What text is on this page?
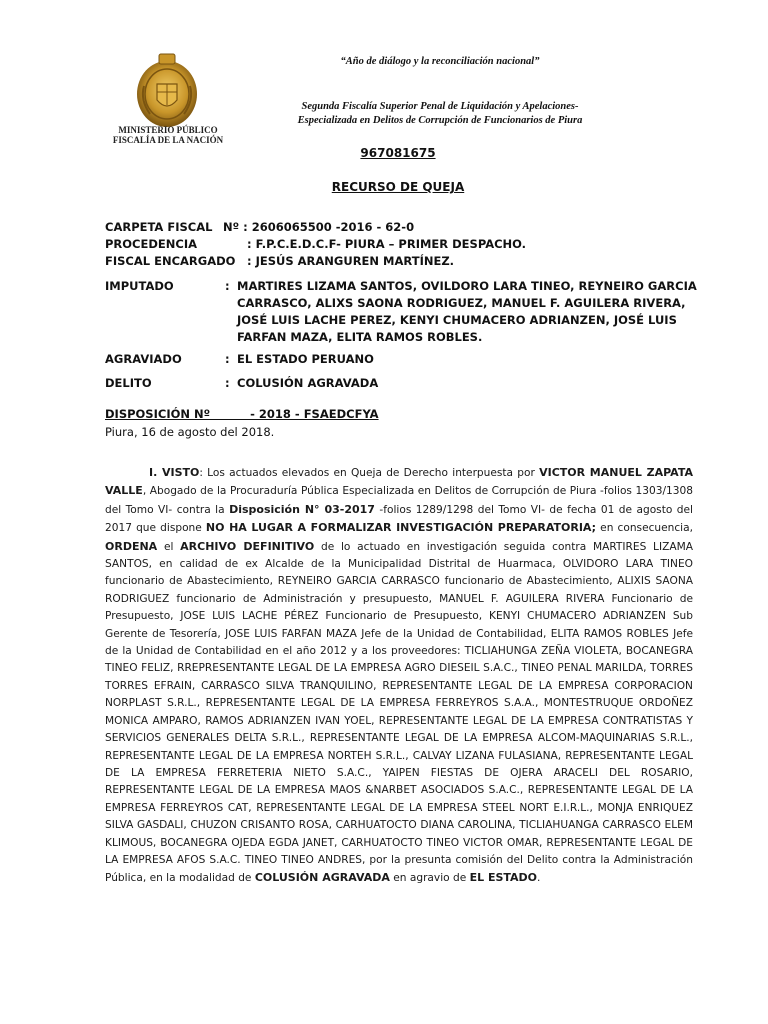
MINISTERIO PÚBLICO
FISCALÍA DE LA NACIÓN
“Año de diálogo y la reconciliación nacional”
Segunda Fiscalía Superior Penal de Liquidación y Apelaciones-
Especializada en Delitos de Corrupción de Funcionarios de Piura
967081675
RECURSO DE QUEJA
CARPETA FISCAL Nº : 2606065500 -2016 - 62-0
PROCEDENCIA	: F.P.C.E.D.C.F- PIURA – PRIMER DESPACHO.
FISCAL ENCARGADO : JESÚS ARANGUREN MARTÍNEZ.
IMPUTADO	: MARTIRES LIZAMA SANTOS, OVILDORO LARA TINEO, REYNEIRO GARCIA CARRASCO, ALIXS SAONA RODRIGUEZ, MANUEL F. AGUILERA RIVERA, JOSÉ LUIS LACHE PEREZ, KENYI CHUMACERO ADRIANZEN, JOSÉ LUIS FARFAN MAZA, ELITA RAMOS ROBLES.
AGRAVIADO	: EL ESTADO PERUANO
DELITO	: COLUSIÓN AGRAVADA
DISPOSICIÓN Nº          - 2018 - FSAEDCFYA
Piura, 16 de agosto del 2018.
I. VISTO: Los actuados elevados en Queja de Derecho interpuesta por VICTOR MANUEL ZAPATA VALLE, Abogado de la Procuraduría Pública Especializada en Delitos de Corrupción de Piura -folios 1303/1308 del Tomo VI- contra la Disposición N° 03-2017 -folios 1289/1298 del Tomo VI- de fecha 01 de agosto del 2017 que dispone NO HA LUGAR A FORMALIZAR INVESTIGACIÓN PREPARATORIA; en consecuencia, ORDENA el ARCHIVO DEFINITIVO de lo actuado en investigación seguida contra MARTIRES LIZAMA SANTOS, en calidad de ex Alcalde de la Municipalidad Distrital de Huarmaca, OLVIDORO LARA TINEO funcionario de Abastecimiento, REYNEIRO GARCIA CARRASCO funcionario de Abastecimiento, ALIXIS SAONA RODRIGUEZ funcionario de Administración y presupuesto, MANUEL F. AGUILERA RIVERA Funcionario de Presupuesto, JOSE LUIS LACHE PÉREZ Funcionario de Presupuesto, KENYI CHUMACERO ADRIANZEN Sub Gerente de Tesorería, JOSE LUIS FARFAN MAZA Jefe de la Unidad de Contabilidad, ELITA RAMOS ROBLES Jefe de la Unidad de Contabilidad en el año 2012 y a los proveedores: TICLIAHUNGA ZEÑA VIOLETA, BOCANEGRA TINEO FELIZ, RREPRESENTANTE LEGAL DE LA EMPRESA AGRO DIESEIL S.A.C., TINEO PENAL MARILDA, TORRES TORRES EFRAIN, CARRASCO SILVA TRANQUILINO, REPRESENTANTE LEGAL DE LA EMPRESA CORPORACION NORPLAST S.R.L., REPRESENTANTE LEGAL DE LA EMPRESA FERREYROS S.A.A., MONTESTRUQUE ORDOÑEZ MONICA AMPARO, RAMOS ADRIANZEN IVAN YOEL, REPRESENTANTE LEGAL DE LA EMPRESA CONTRATISTAS Y SERVICIOS GENERALES DELTA S.R.L., REPRESENTANTE LEGAL DE LA EMPRESA ALCOM-MAQUINARIAS S.R.L., REPRESENTANTE LEGAL DE LA EMPRESA NORTEH S.R.L., CALVAY LIZANA FULASIANA, REPRESENTANTE LEGAL DE LA EMPRESA FERRETERIA NIETO S.A.C., YAIPEN FIESTAS DE OJERA ARACELI DEL ROSARIO, REPRESENTANTE LEGAL DE LA EMPRESA MAOS &NARBET ASOCIADOS S.A.C., REPRESENTANTE LEGAL DE LA EMPRESA FERREYROS CAT, REPRESENTANTE LEGAL DE LA EMPRESA STEEL NORT E.I.R.L., MONJA ENRIQUEZ SILVA GASDALI, CHUZON CRISANTO ROSA, CARHUATOCTO DIANA CAROLINA, TICLIAHUANGA CARRASCO ELEM KLIMOUS, BOCANEGRA OJEDA EGDA JANET, CARHUATOCTO TINEO VICTOR OMAR, REPRESENTANTE LEGAL DE LA EMPRESA AFOS S.A.C. TINEO TINEO ANDRES, por la presunta comisión del Delito contra la Administración Pública, en la modalidad de COLUSIÓN AGRAVADA en agravio de EL ESTADO.
